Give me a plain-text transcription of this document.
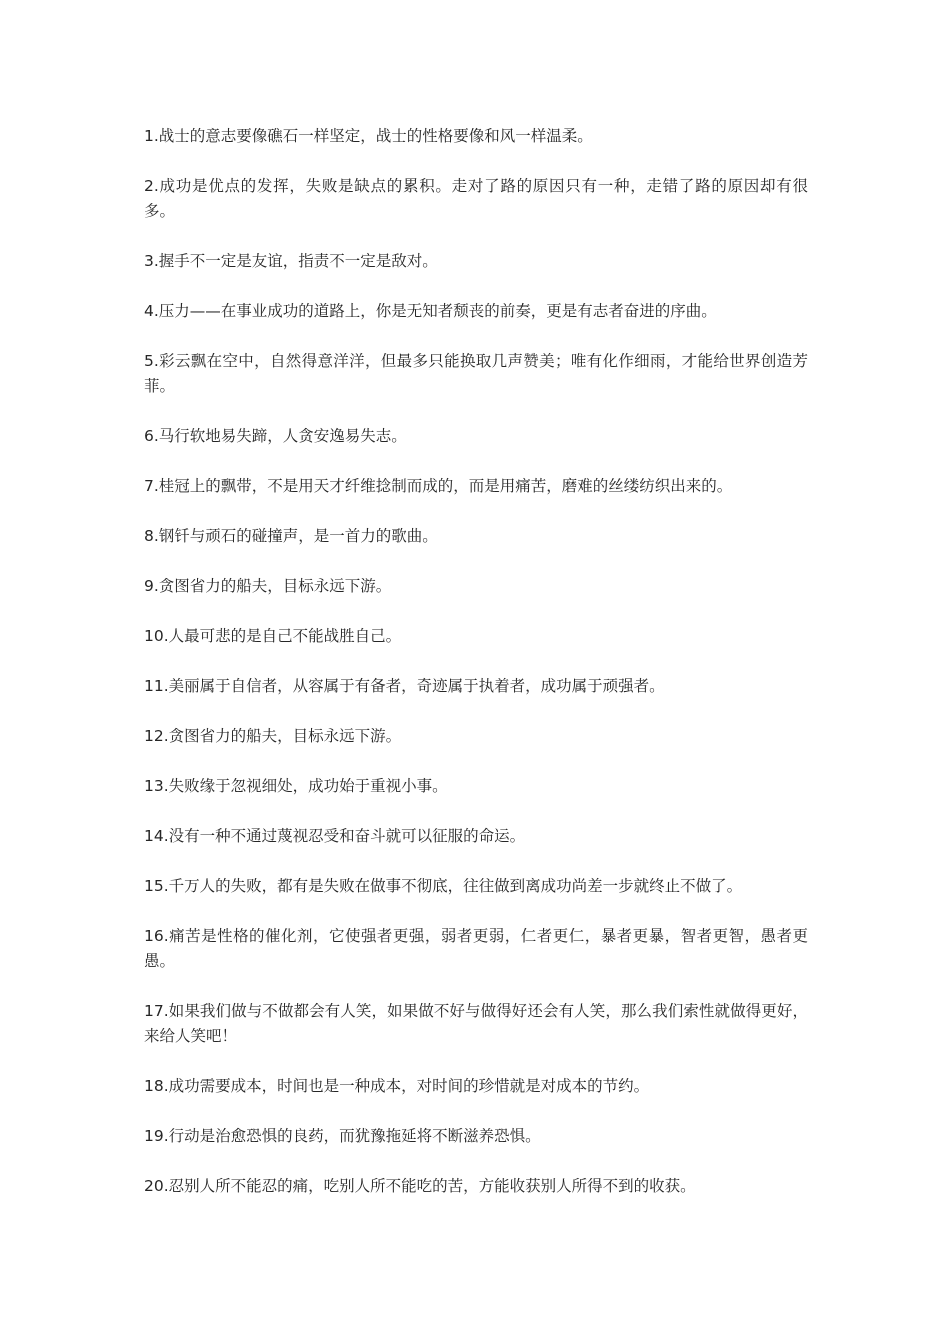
1.战士的意志要像礁石一样坚定，战士的性格要像和风一样温柔。

2.成功是优点的发挥，失败是缺点的累积。走对了路的原因只有一种，走错了路的原因却有很多。

3.握手不一定是友谊，指责不一定是敌对。

4.压力——在事业成功的道路上，你是无知者颓丧的前奏，更是有志者奋进的序曲。

5.彩云飘在空中，自然得意洋洋，但最多只能换取几声赞美；唯有化作细雨，才能给世界创造芳菲。

6.马行软地易失蹄，人贪安逸易失志。

7.桂冠上的飘带，不是用天才纤维捻制而成的，而是用痛苦，磨难的丝缕纺织出来的。

8.钢钎与顽石的碰撞声，是一首力的歌曲。

9.贪图省力的船夫，目标永远下游。

10.人最可悲的是自己不能战胜自己。

11.美丽属于自信者，从容属于有备者，奇迹属于执着者，成功属于顽强者。

12.贪图省力的船夫，目标永远下游。

13.失败缘于忽视细处，成功始于重视小事。

14.没有一种不通过蔑视忍受和奋斗就可以征服的命运。

15.千万人的失败，都有是失败在做事不彻底，往往做到离成功尚差一步就终止不做了。

16.痛苦是性格的催化剂，它使强者更强，弱者更弱，仁者更仁，暴者更暴，智者更智，愚者更愚。

17.如果我们做与不做都会有人笑，如果做不好与做得好还会有人笑，那么我们索性就做得更好，来给人笑吧！

18.成功需要成本，时间也是一种成本，对时间的珍惜就是对成本的节约。

19.行动是治愈恐惧的良药，而犹豫拖延将不断滋养恐惧。

20.忍别人所不能忍的痛，吃别人所不能吃的苦，方能收获别人所得不到的收获。
